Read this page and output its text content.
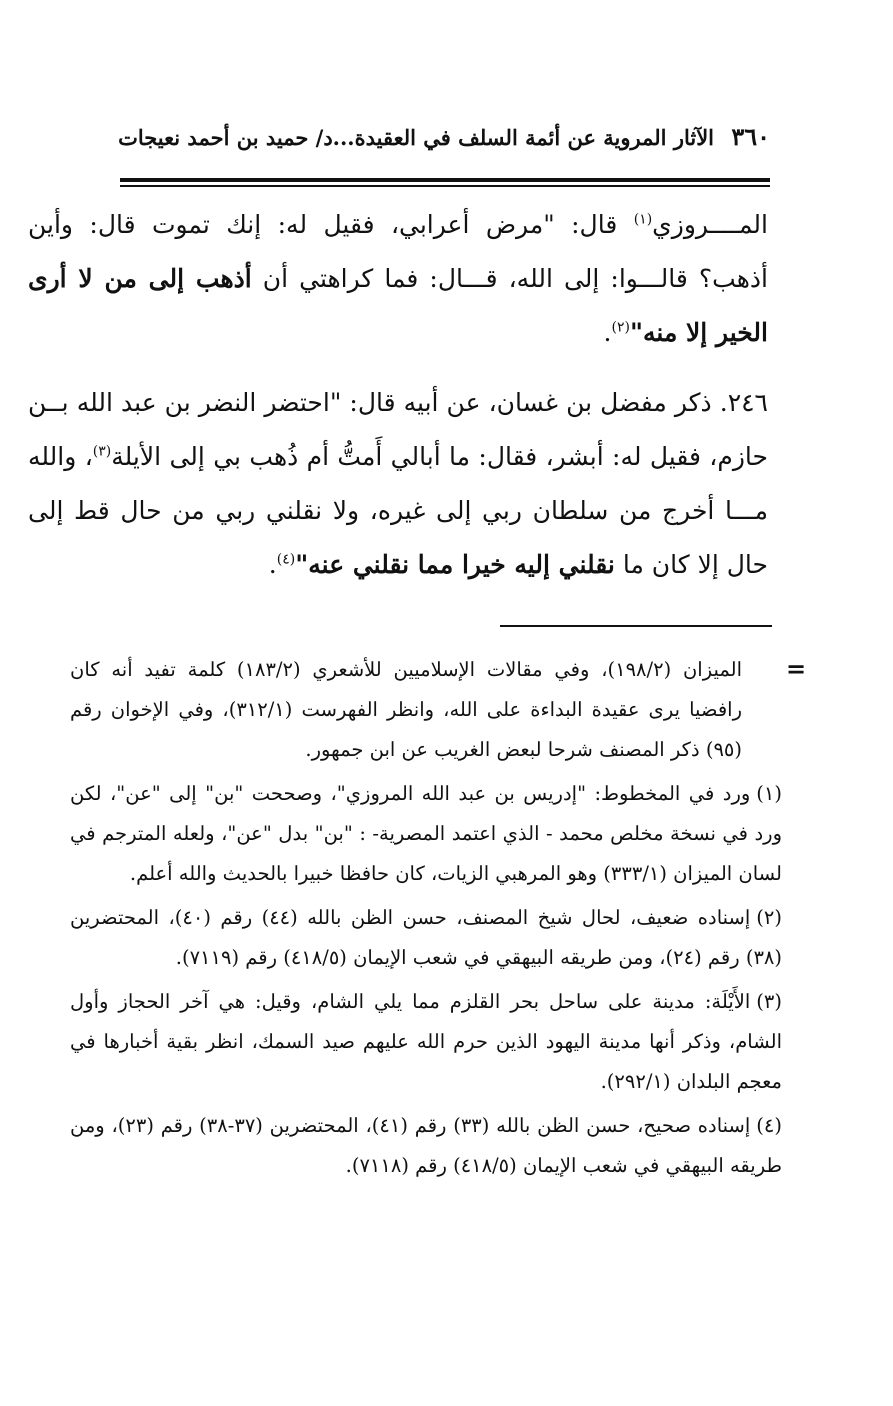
٣٦٠ الآثار المروية عن أئمة السلف في العقيدة...د/ حميد بن أحمد نعيجات

المــــروزي$^{(١)}$ قال: "مرض أعرابي، فقيل له: إنك تموت قال: وأين أذهب؟ قالـــوا: إلى الله، قـــال: فما كراهتي أن أذهب إلى من لا أرى الخير إلا منه"$^{(٢)}$.

٢٤٦. ذكر مفضل بن غسان، عن أبيه قال: "احتضر النضر بن عبد الله بــن حازم، فقيل له: أبشر، فقال: ما أبالي أَمتُّ أم ذُهب بي إلى الأيلة$^{(٣)}$، والله مـــا أخرج من سلطان ربي إلى غيره، ولا نقلني ربي من حال قط إلى حال إلا كان ما نقلني إليه خيرا مما نقلني عنه"$^{(٤)}$.

=

الميزان (١٩٨/٢)، وفي مقالات الإسلاميين للأشعري (١٨٣/٢) كلمة تفيد أنه كان رافضيا يرى عقيدة البداءة على الله، وانظر الفهرست (٣١٢/١)، وفي الإخوان رقم (٩٥) ذكر المصنف شرحا لبعض الغريب عن ابن جمهور.

(١)ورد في المخطوط: "إدريس بن عبد الله المروزي"، وصححت "بن" إلى "عن"، لكن ورد في نسخة مخلص محمد - الذي اعتمد المصرية- : "بن" بدل "عن"، ولعله المترجم في لسان الميزان (٣٣٣/١) وهو المرهبي الزيات، كان حافظا خبيرا بالحديث والله أعلم.

(٢)إسناده ضعيف، لحال شيخ المصنف، حسن الظن بالله (٤٤) رقم (٤٠)، المحتضرين (٣٨) رقم (٢٤)، ومن طريقه البيهقي في شعب الإيمان (٤١٨/٥) رقم (٧١١٩).

(٣)الأَيْلَة: مدينة على ساحل بحر القلزم مما يلي الشام، وقيل: هي آخر الحجاز وأول الشام، وذكر أنها مدينة اليهود الذين حرم الله عليهم صيد السمك، انظر بقية أخبارها في معجم البلدان (٢٩٢/١).

(٤)إسناده صحيح، حسن الظن بالله (٣٣) رقم (٤١)، المحتضرين (٣٧-٣٨) رقم (٢٣)، ومن طريقه البيهقي في شعب الإيمان (٤١٨/٥) رقم (٧١١٨).
